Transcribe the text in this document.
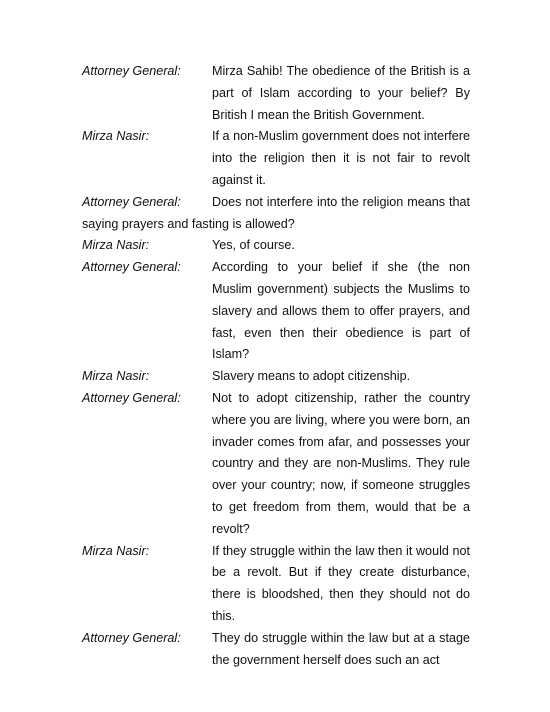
Attorney General:	Mirza Sahib! The obedience of the British is a part of Islam according to your belief? By British I mean the British Government.
Mirza Nasir:	If a non-Muslim government does not interfere into the religion then it is not fair to revolt against it.
Attorney General: Does not interfere into the religion means that saying prayers and fasting is allowed?
Mirza Nasir:	Yes, of course.
Attorney General:	According to your belief if she (the non Muslim government) subjects the Muslims to slavery and allows them to offer prayers, and fast, even then their obedience is part of Islam?
Mirza Nasir:	Slavery means to adopt citizenship.
Attorney General:	Not to adopt citizenship, rather the country where you are living, where you were born, an invader comes from afar, and possesses your country and they are non-Muslims. They rule over your country; now, if someone struggles to get freedom from them, would that be a revolt?
Mirza Nasir:	If they struggle within the law then it would not be a revolt. But if they create disturbance, there is bloodshed, then they should not do this.
Attorney General:	They do struggle within the law but at a stage the government herself does such an act
